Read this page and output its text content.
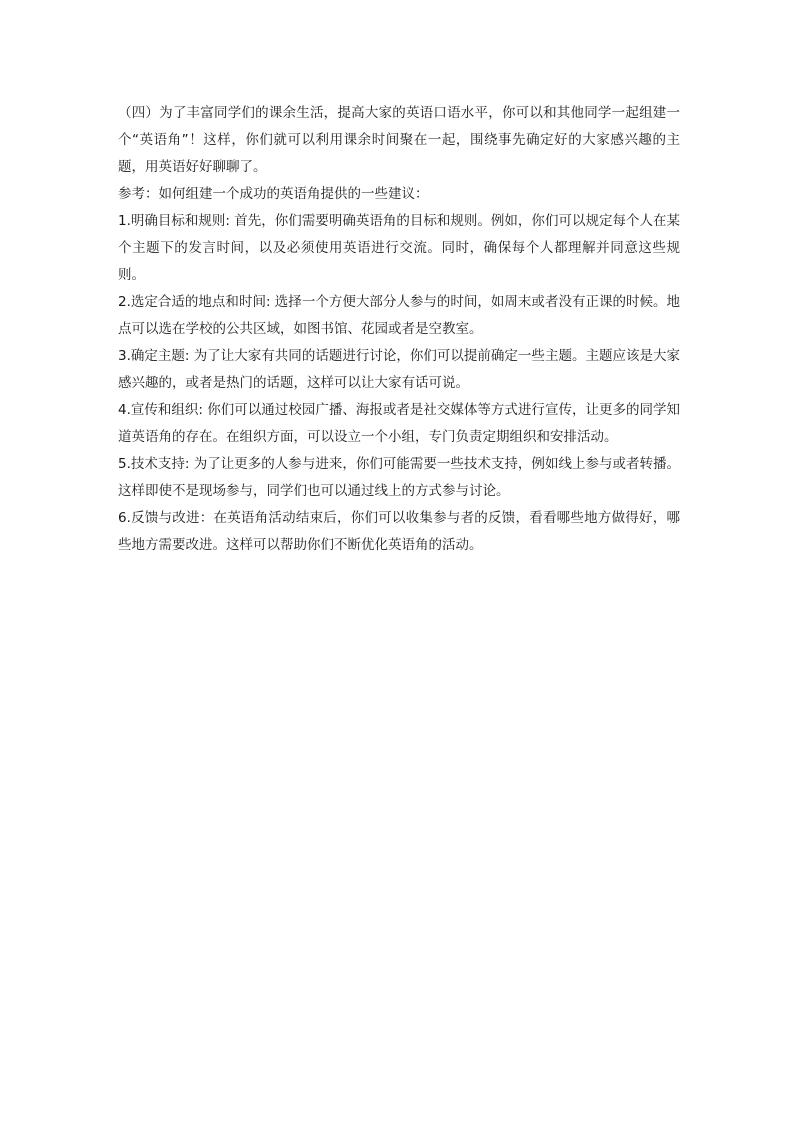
（四）为了丰富同学们的课余生活，提高大家的英语口语水平，你可以和其他同学一起组建一个“英语角”！这样，你们就可以利用课余时间聚在一起，围绕事先确定好的大家感兴趣的主题，用英语好好聊聊了。

参考：如何组建一个成功的英语角提供的一些建议：

1.明确目标和规则: 首先，你们需要明确英语角的目标和规则。例如，你们可以规定每个人在某个主题下的发言时间，以及必须使用英语进行交流。同时，确保每个人都理解并同意这些规则。

2.选定合适的地点和时间: 选择一个方便大部分人参与的时间，如周末或者没有正课的时候。地点可以选在学校的公共区域，如图书馆、花园或者是空教室。

3.确定主题: 为了让大家有共同的话题进行讨论，你们可以提前确定一些主题。主题应该是大家感兴趣的，或者是热门的话题，这样可以让大家有话可说。

4.宣传和组织: 你们可以通过校园广播、海报或者是社交媒体等方式进行宣传，让更多的同学知道英语角的存在。在组织方面，可以设立一个小组，专门负责定期组织和安排活动。

5.技术支持: 为了让更多的人参与进来，你们可能需要一些技术支持，例如线上参与或者转播。这样即使不是现场参与，同学们也可以通过线上的方式参与讨论。

6.反馈与改进：在英语角活动结束后，你们可以收集参与者的反馈，看看哪些地方做得好，哪些地方需要改进。这样可以帮助你们不断优化英语角的活动。
